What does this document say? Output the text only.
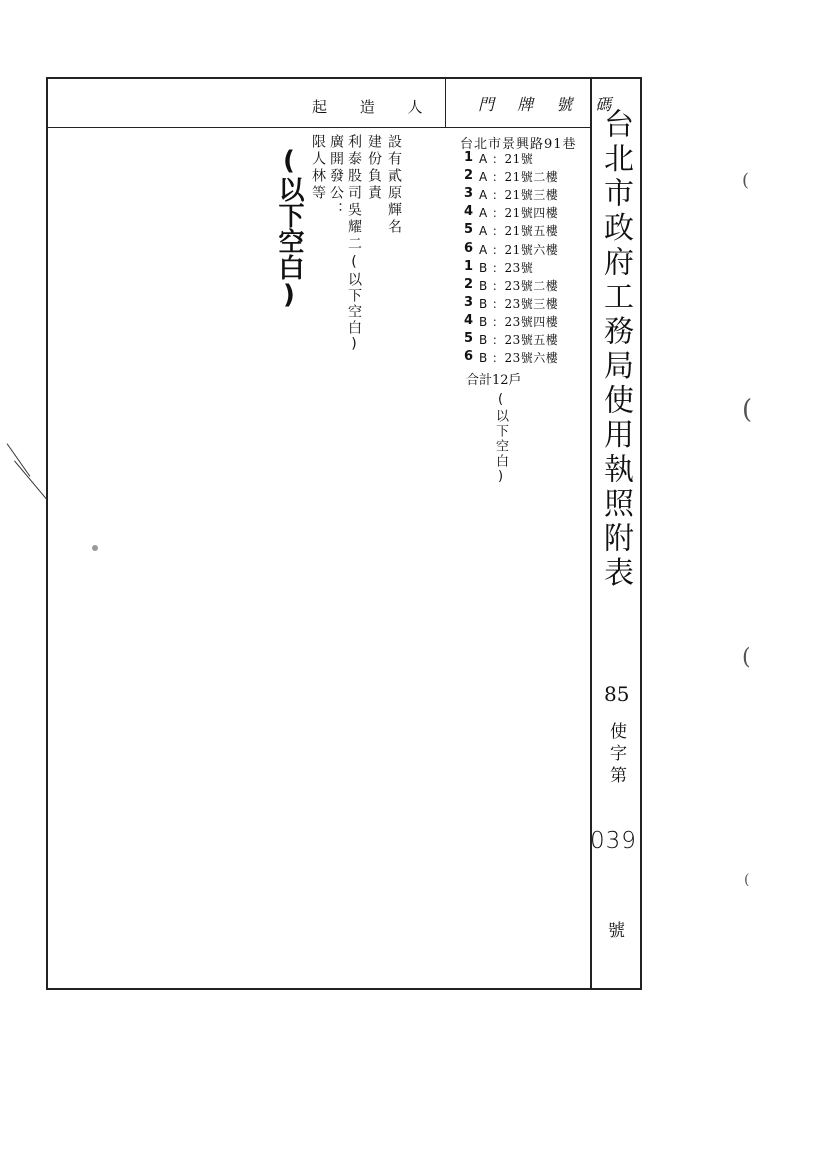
起 造 人	門 牌 號 碼
台北市政府工務局使用執照附表
85
使字第
039
號
設有貳原輝名
建份負責
利泰股司吳耀二
(以下空白)
廣開發公：
限人林等
(以下空白)
台北市景興路91巷
1 A ：21號
2 A ：21號二樓
3 A ：21號三樓
4 A ：21號四樓
5 A ：21號五樓
6 A ：21號六樓
1 B ：23號
2 B ：23號二樓
3 B ：23號三樓
4 B ：23號四樓
5 B ：23號五樓
6 B ：23號六樓
合計12戶
(以下空白)
(
(
(
(
